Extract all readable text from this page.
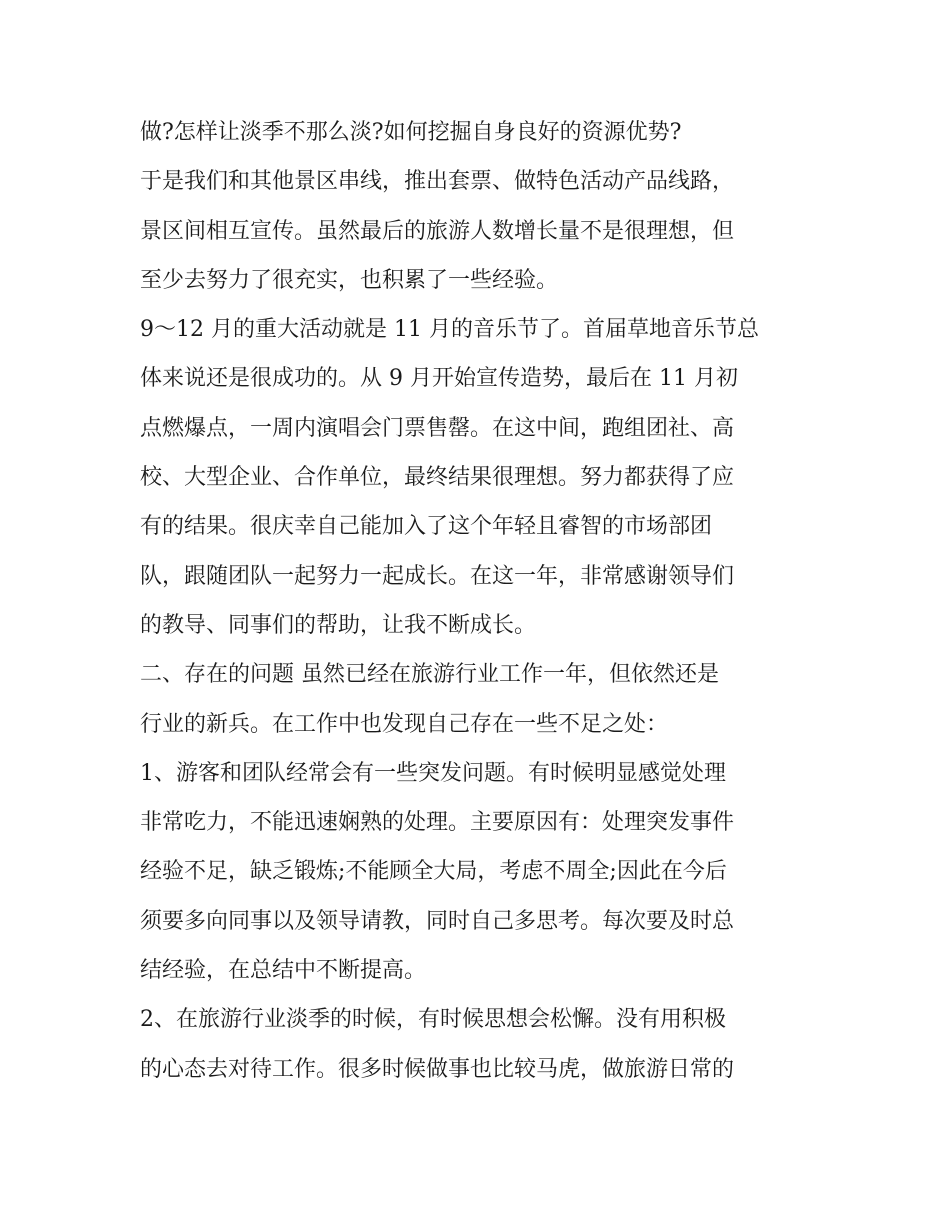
做?怎样让淡季不那么淡?如何挖掘自身良好的资源优势?
于是我们和其他景区串线，推出套票、做特色活动产品线路，
景区间相互宣传。虽然最后的旅游人数增长量不是很理想，但
至少去努力了很充实，也积累了一些经验。
9～12 月的重大活动就是 11 月的音乐节了。首届草地音乐节总
体来说还是很成功的。从 9 月开始宣传造势，最后在 11 月初
点燃爆点，一周内演唱会门票售罄。在这中间，跑组团社、高
校、大型企业、合作单位，最终结果很理想。努力都获得了应
有的结果。很庆幸自己能加入了这个年轻且睿智的市场部团
队，跟随团队一起努力一起成长。在这一年，非常感谢领导们
的教导、同事们的帮助，让我不断成长。
二、存在的问题 虽然已经在旅游行业工作一年，但依然还是
行业的新兵。在工作中也发现自己存在一些不足之处：
1、游客和团队经常会有一些突发问题。有时候明显感觉处理
非常吃力，不能迅速娴熟的处理。主要原因有：处理突发事件
经验不足，缺乏锻炼;不能顾全大局，考虑不周全;因此在今后
须要多向同事以及领导请教，同时自己多思考。每次要及时总
结经验，在总结中不断提高。
2、在旅游行业淡季的时候，有时候思想会松懈。没有用积极
的心态去对待工作。很多时候做事也比较马虎，做旅游日常的
